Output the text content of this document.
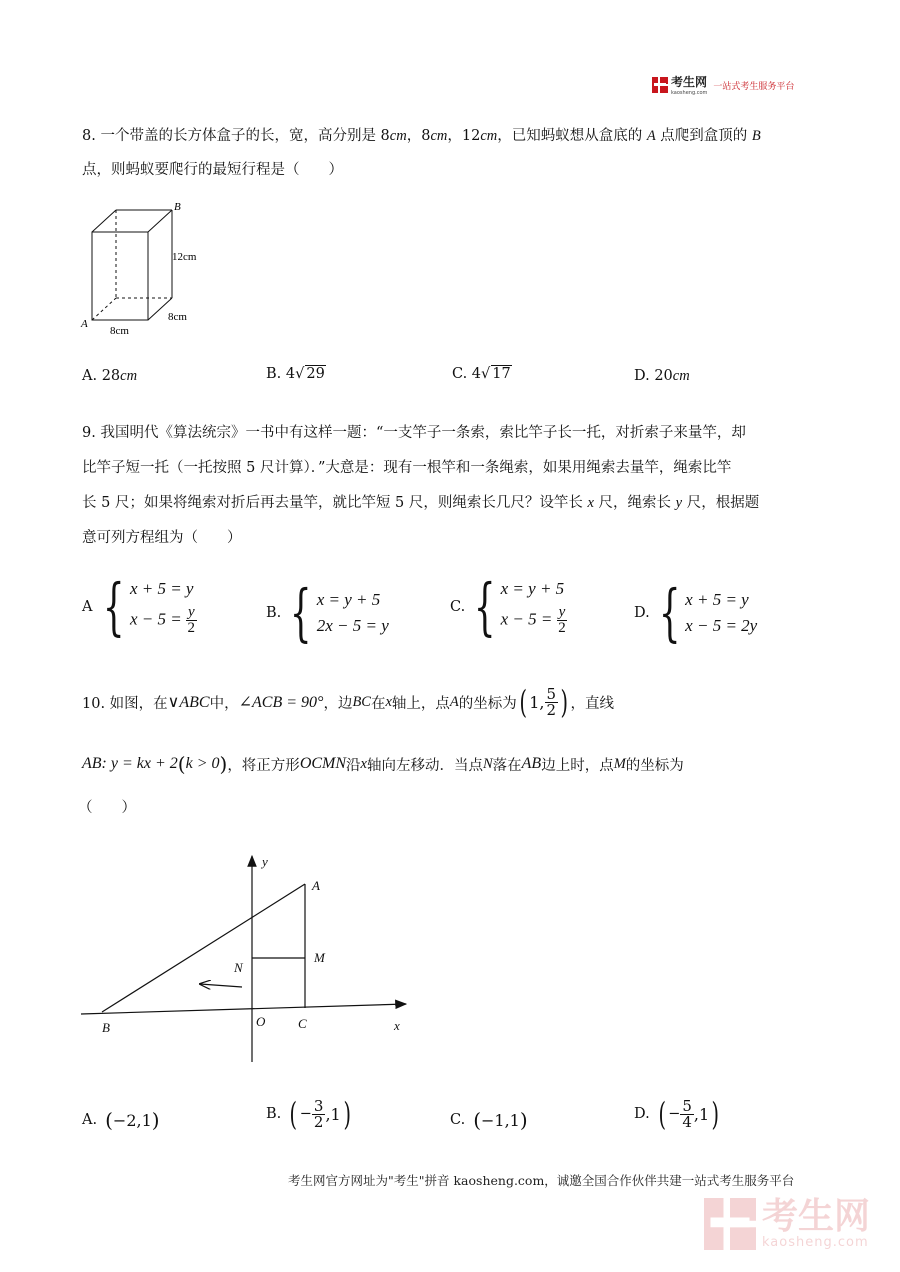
考生网
kaosheng.com
一站式考生服务平台
8. 一个带盖的长方体盒子的长，宽，高分别是 8cm，8cm，12cm，已知蚂蚁想从盒底的 A 点爬到盒顶的 B
点，则蚂蚁要爬行的最短行程是（　　）
B
A
12cm
8cm
8cm
A. 28cm	B. 4√ 29	C. 4√ 17	D. 20cm
9. 我国明代《算法统宗》一书中有这样一题：“一支竿子一条索，索比竿子长一托，对折索子来量竿，却
比竿子短一托（一托按照 5 尺计算）．”大意是：现有一根竿和一条绳索，如果用绳索去量竿，绳索比竿
长 5 尺；如果将绳索对折后再去量竿，就比竿短 5 尺，则绳索长几尺？设竿长 x 尺，绳索长 y 尺，根据题
意可列方程组为（　　）
A { x + 5 = y
$x - 5 = \frac{y}{2}$	B. { x = y + 5
2x − 5 = y
C. { x = y + 5
$x - 5 = \frac{y}{2}$	D. { x + 5 = y
x − 5 = 2y
10. 如图，在 ∨ABC 中， ∠ACB = 90° ，边 BC 在 x 轴上，点 A 的坐标为 ( 1, $\frac{5}{2}$ ) ，直线
AB : y = kx + 2 ( k > 0 ) ，将正方形 OCMN 沿 x 轴向左移动．当点 N 落在 AB 边上时，点 M 的坐标为
（　　）
y
A
M
N
B	O	C	x
A. ( −2,1 )	B. ( − $\frac{3}{2} ,1$ )	C. ( −1,1 )	D. ( − $\frac{5}{4} ,1$ )
考生网官方网址为"考生"拼音 kaosheng.com，诚邀全国合作伙伴共建一站式考生服务平台
考生网
kaosheng.com
